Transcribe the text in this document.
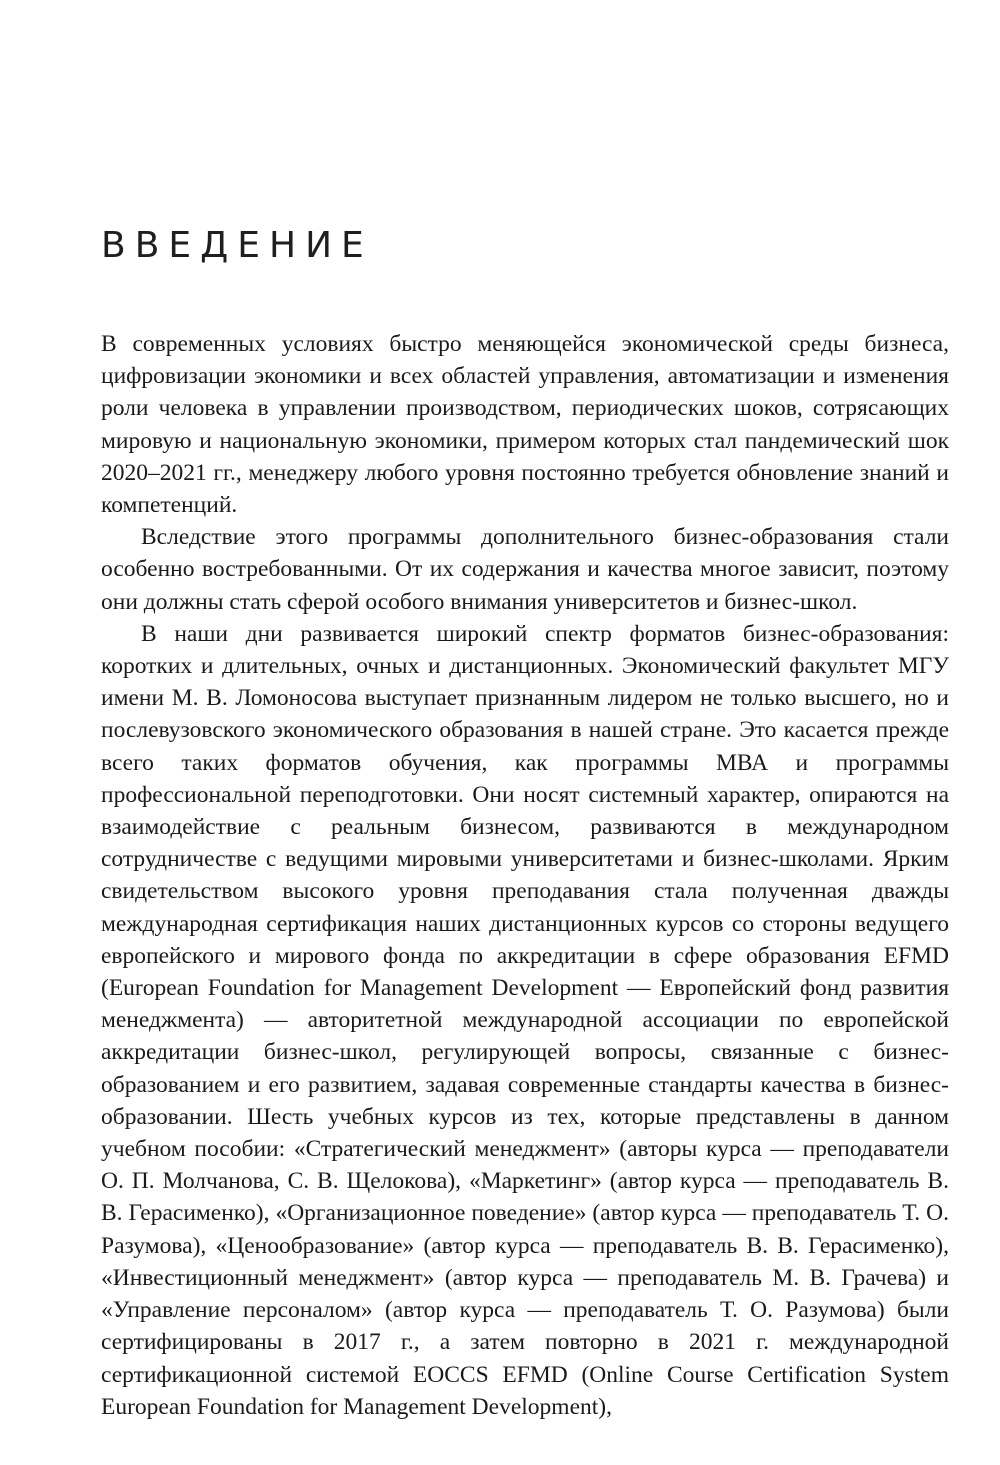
ВВЕДЕНИЕ

В современных условиях быстро меняющейся экономической среды бизнеса, цифровизации экономики и всех областей управления, автоматизации и изменения роли человека в управлении производством, периодических шоков, сотрясающих мировую и национальную экономики, примером которых стал пандемический шок 2020–2021 гг., менеджеру любого уровня постоянно требуется обновление знаний и компетенций.

Вследствие этого программы дополнительного бизнес-образования стали особенно востребованными. От их содержания и качества многое зависит, поэтому они должны стать сферой особого внимания университетов и бизнес-школ.

В наши дни развивается широкий спектр форматов бизнес-образования: коротких и длительных, очных и дистанционных. Экономический факультет МГУ имени М. В. Ломоносова выступает признанным лидером не только высшего, но и послевузовского экономического образования в нашей стране. Это касается прежде всего таких форматов обучения, как программы МВА и программы профессиональной переподготовки. Они носят системный характер, опираются на взаимодействие с реальным бизнесом, развиваются в международном сотрудничестве с ведущими мировыми университетами и бизнес-школами. Ярким свидетельством высокого уровня преподавания стала полученная дважды международная сертификация наших дистанционных курсов со стороны ведущего европейского и мирового фонда по аккредитации в сфере образования EFMD (European Foundation for Management Development — Европейский фонд развития менеджмента) — авторитетной международной ассоциации по европейской аккредитации бизнес-школ, регулирующей вопросы, связанные с бизнес-образованием и его развитием, задавая современные стандарты качества в бизнес-образовании. Шесть учебных курсов из тех, которые представлены в данном учебном пособии: «Стратегический менеджмент» (авторы курса — преподаватели О. П. Молчанова, С. В. Щелокова), «Маркетинг» (автор курса — преподаватель В. В. Герасименко), «Организационное поведение» (автор курса — преподаватель Т. О. Разумова), «Ценообразование» (автор курса — преподаватель В. В. Герасименко), «Инвестиционный менеджмент» (автор курса — преподаватель М. В. Грачева) и «Управление персоналом» (автор курса — преподаватель Т. О. Разумова) были сертифицированы в 2017 г., а затем повторно в 2021 г. международной сертификационной системой EOCCS EFMD (Online Course Certification System European Foundation for Management Development),
